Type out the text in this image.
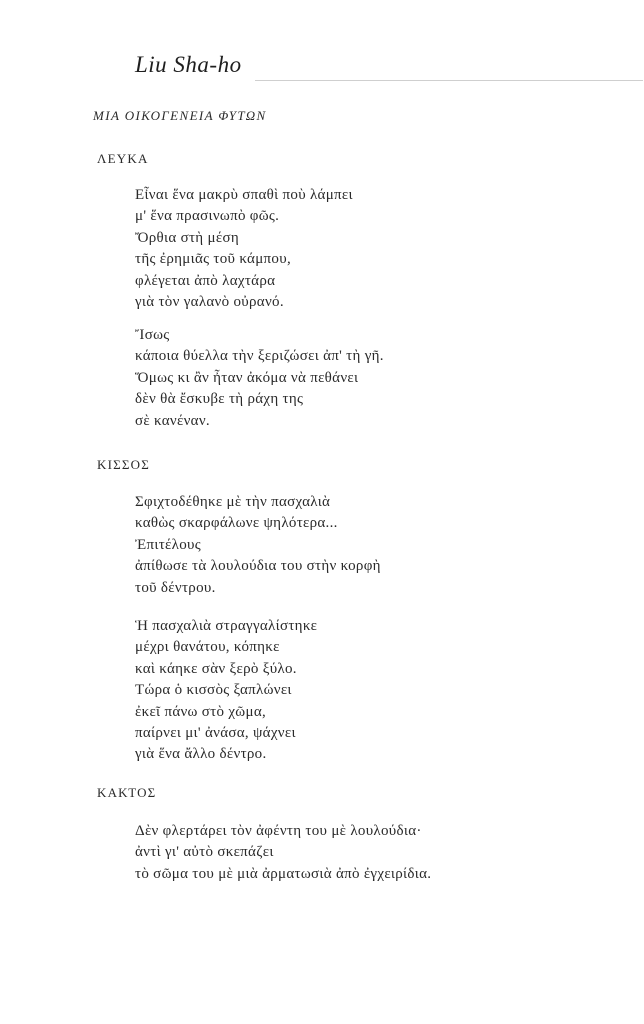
Liu Sha-ho
ΜΙΑ ΟΙΚΟΓΕΝΕΙΑ ΦΥΤΩΝ
ΛΕΥΚΑ
Εἶναι ἕνα μακρὺ σπαθὶ ποὺ λάμπει
μ' ἕνα πρασινωπὸ φῶς.
Ὄρθια στὴ μέση
τῆς ἐρημιᾶς τοῦ κάμπου,
φλέγεται ἀπὸ λαχτάρα
γιὰ τὸν γαλανὸ οὐρανό.
Ἴσως
κάποια θύελλα τὴν ξεριζώσει ἀπ' τὴ γῆ.
Ὅμως κι ἂν ἦταν ἀκόμα νὰ πεθάνει
δὲν θὰ ἔσκυβε τὴ ράχη της
σὲ κανέναν.
ΚΙΣΣΟΣ
Σφιχτοδέθηκε μὲ τὴν πασχαλιὰ
καθὼς σκαρφάλωνε ψηλότερα...
Ἐπιτέλους
ἀπίθωσε τὰ λουλούδια του στὴν κορφὴ
τοῦ δέντρου.
Ἡ πασχαλιὰ στραγγαλίστηκε
μέχρι θανάτου, κόπηκε
καὶ κάηκε σὰν ξερὸ ξύλο.
Τώρα ὁ κισσὸς ξαπλώνει
ἐκεῖ πάνω στὸ χῶμα,
παίρνει μι' ἀνάσα, ψάχνει
γιὰ ἕνα ἄλλο δέντρο.
ΚΑΚΤΟΣ
Δὲν φλερτάρει τὸν ἀφέντη του μὲ λουλούδια·
ἀντὶ γι' αὐτὸ σκεπάζει
τὸ σῶμα του μὲ μιὰ ἀρματωσιὰ ἀπὸ ἐγχειρίδια.
